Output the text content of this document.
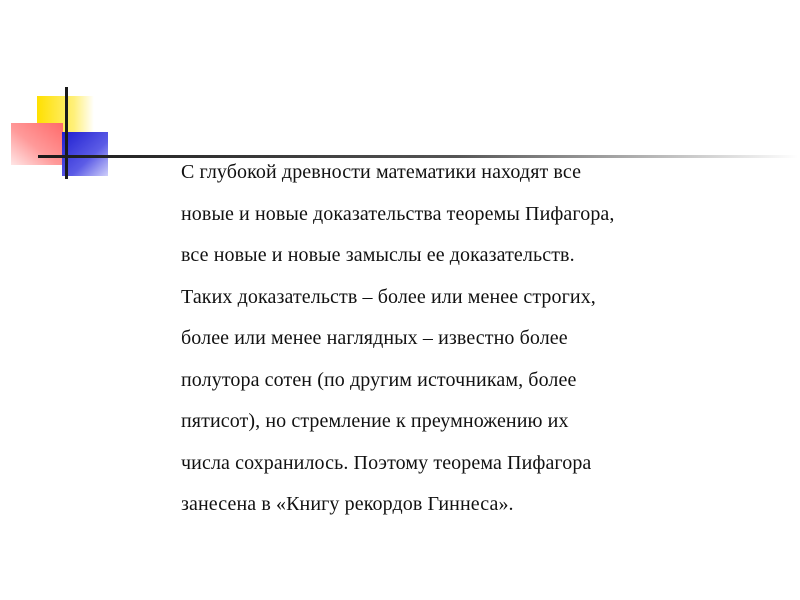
С глубокой древности математики находят все
новые и новые доказательства теоремы Пифагора,
все новые и новые замыслы ее доказательств.
Таких доказательств – более или менее строгих,
более или менее наглядных – известно более
полутора сотен (по другим источникам, более
пятисот), но стремление к преумножению их
числа сохранилось. Поэтому теорема Пифагора
занесена в «Книгу рекордов Гиннеса».
